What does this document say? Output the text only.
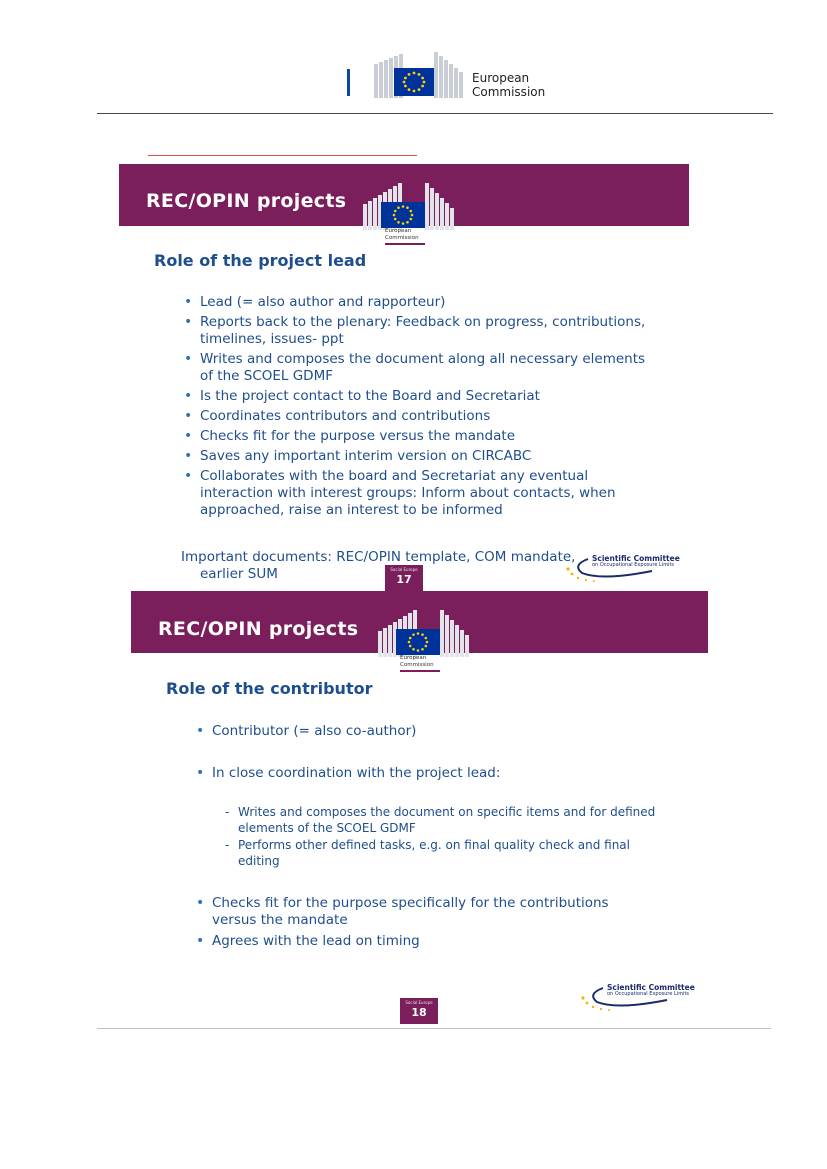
European
Commission
REC/OPIN projects
European
Commission
Role of the project lead
• Lead (= also author and rapporteur)
• Reports back to the plenary: Feedback on progress, contributions, timelines, issues- ppt
• Writes and composes the document along all necessary elements of the SCOEL GDMF
• Is the project contact to the Board and Secretariat
• Coordinates contributors and contributions
• Checks fit for the purpose versus the mandate
• Saves any important interim version on CIRCABC
• Collaborates with the board and Secretariat any eventual interaction with interest groups: Inform about contacts, when approached, raise an interest to be informed
Important documents: REC/OPIN template, COM mandate,
earlier SUM	Social Europe
17
Scientific Committee
on Occupational Exposure Limits
REC/OPIN projects
European
Commission
Role of the contributor
• Contributor (= also co-author)
• In close coordination with the project lead:
- Writes and composes the document on specific items and for defined elements of the SCOEL GDMF
- Performs other defined tasks, e.g. on final quality check and final editing
• Checks fit for the purpose specifically for the contributions versus the mandate
• Agrees with the lead on timing
Social Europe
18
Scientific Committee
on Occupational Exposure Limits
